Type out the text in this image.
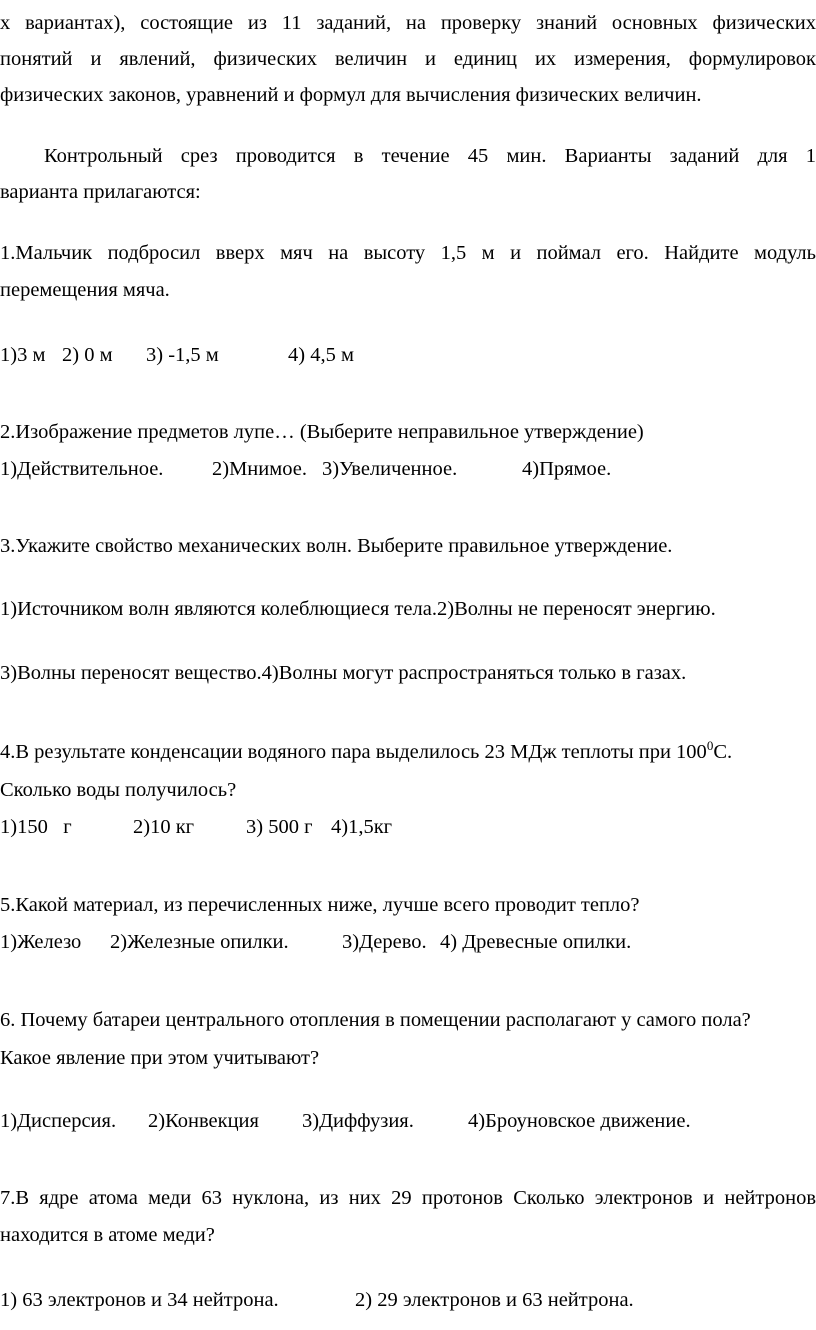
х вариантах), состоящие из 11 заданий, на проверку знаний основных физических
понятий и явлений, физических величин и единиц их измерения, формулировок
физических законов, уравнений и формул для вычисления физических величин.
Контрольный срез проводится в течение 45 мин. Варианты заданий для 1
варианта прилагаются:
1.Мальчик подбросил вверх мяч на высоту 1,5 м и поймал его. Найдите модуль
перемещения мяча.
1)3 м 2) 0 м 3) -1,5 м	4) 4,5 м
2.Изображение предметов лупе… (Выберите неправильное утверждение)
1)Действительное. 2)Мнимое. 3)Увеличенное.	4)Прямое.
3.Укажите свойство механических волн. Выберите правильное утверждение.
1)Источником волн являются колеблющиеся тела.2)Волны не переносят энергию.
3)Волны переносят вещество.4)Волны могут распространяться только в газах.
4.В результате конденсации водяного пара выделилось 23 МДж теплоты при $100^0С$.
Сколько воды получилось?
1)150   г	2)10 кг	3) 500 г 4)1,5кг
5.Какой материал, из перечисленных ниже, лучше всего проводит тепло?
1)Железо 2)Железные опилки.	3)Дерево. 4) Древесные опилки.
6. Почему батареи центрального отопления в помещении располагают у самого пола?
Какое явление при этом учитывают?
1)Дисперсия. 2)Конвекция 3)Диффузия.	4)Броуновское движение.
7.В ядре атома меди 63 нуклона, из них 29 протонов Сколько электронов и нейтронов
находится в атоме меди?
1) 63 электронов и 34 нейтрона.	2) 29 электронов и 63 нейтрона.
